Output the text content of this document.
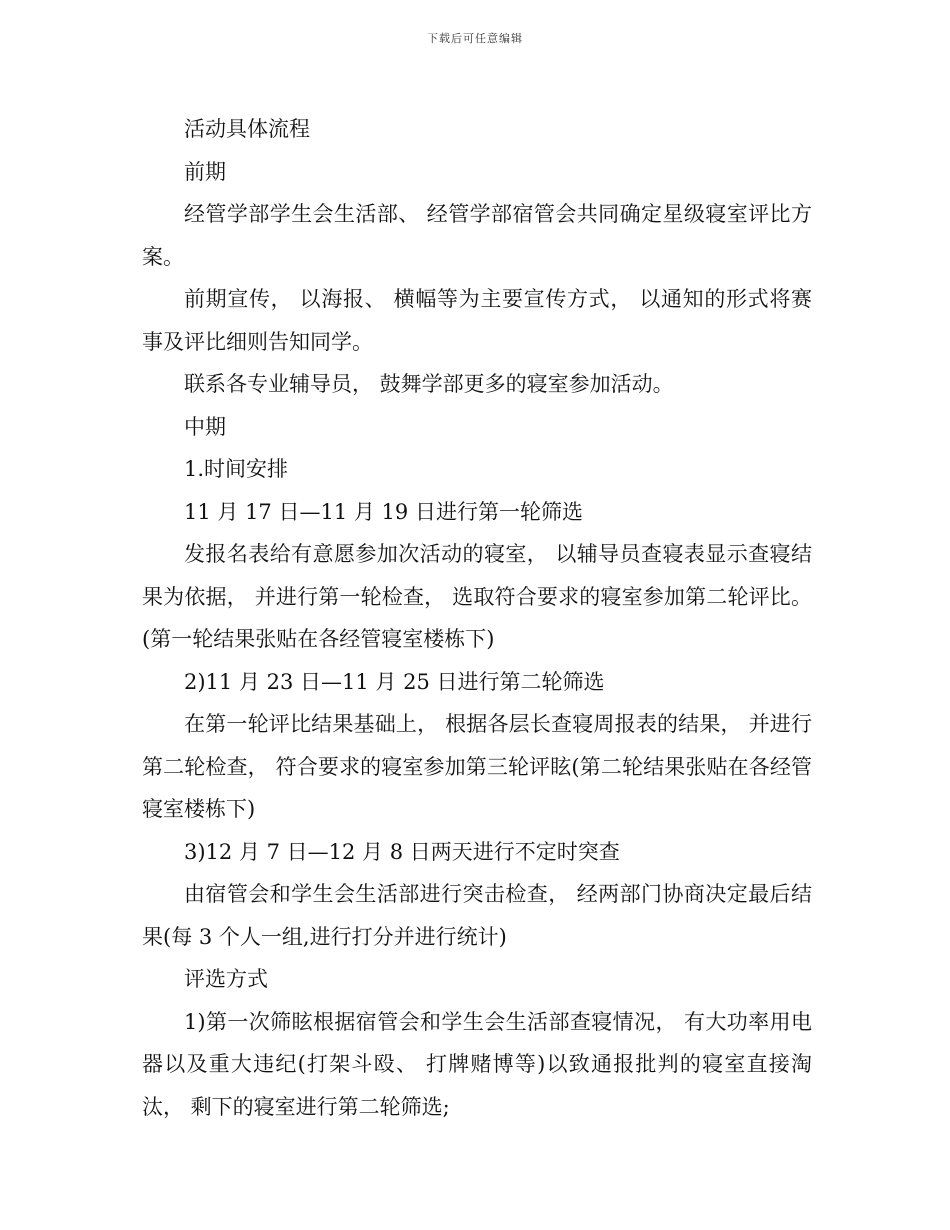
下载后可任意编辑

活动具体流程

前期

经管学部学生会生活部、 经管学部宿管会共同确定星级寝室评比方案。

前期宣传， 以海报、 横幅等为主要宣传方式， 以通知的形式将赛事及评比细则告知同学。

联系各专业辅导员， 鼓舞学部更多的寝室参加活动。

中期

1.时间安排

11 月 17 日—11 月 19 日进行第一轮筛选

发报名表给有意愿参加次活动的寝室， 以辅导员查寝表显示查寝结果为依据， 并进行第一轮检查， 选取符合要求的寝室参加第二轮评比。(第一轮结果张贴在各经管寝室楼栋下)

2)11 月 23 日—11 月 25 日进行第二轮筛选

在第一轮评比结果基础上， 根据各层长查寝周报表的结果， 并进行第二轮检查， 符合要求的寝室参加第三轮评眩(第二轮结果张贴在各经管寝室楼栋下)

3)12 月 7 日—12 月 8 日两天进行不定时突查

由宿管会和学生会生活部进行突击检查， 经两部门协商决定最后结果(每 3 个人一组,进行打分并进行统计)

评选方式

1)第一次筛眩根据宿管会和学生会生活部查寝情况， 有大功率用电器以及重大违纪(打架斗殴、 打牌赌博等)以致通报批判的寝室直接淘汰， 剩下的寝室进行第二轮筛选;
